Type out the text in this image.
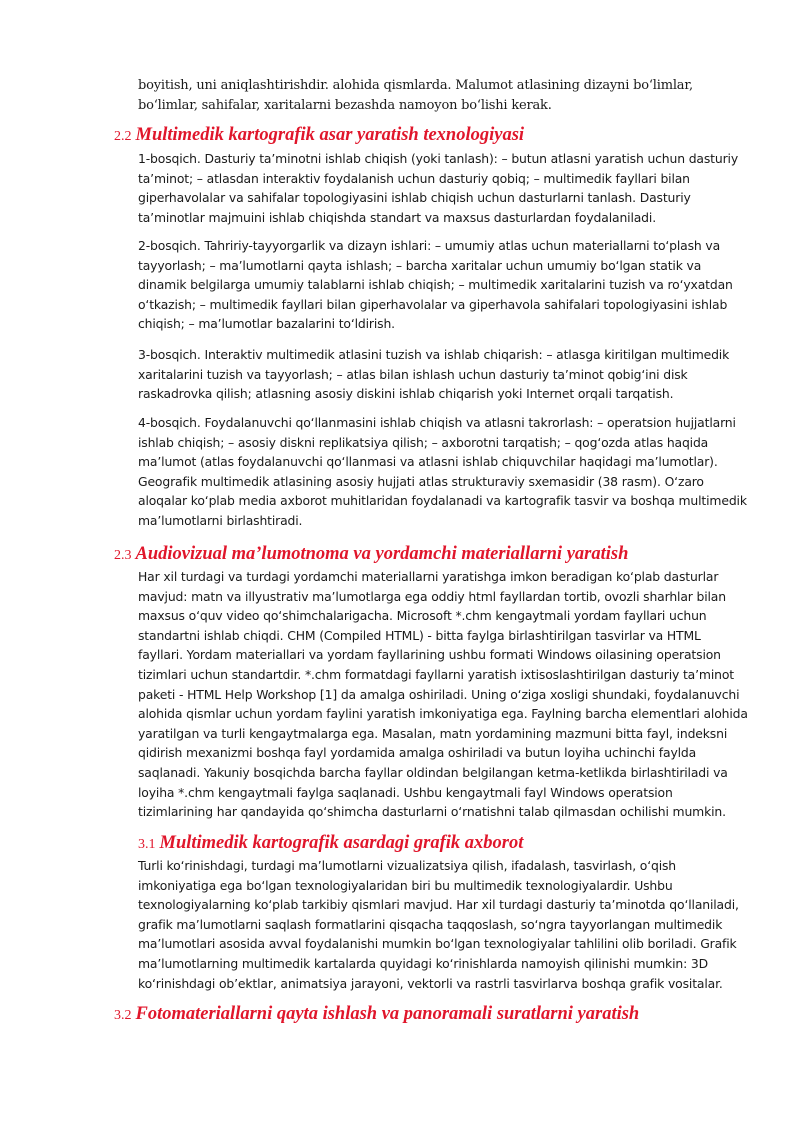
boyitish, uni aniqlashtirishdir. alohida qismlarda. Malumot atlasining dizayni bo‘limlar, bo‘limlar, sahifalar, xaritalarni bezashda namoyon bo‘lishi kerak.

2.2 Multimedik kartografik asar yaratish texnologiyasi

1-bosqich. Dasturiy ta’minotni ishlab chiqish (yoki tanlash): – butun atlasni yaratish uchun dasturiy ta’minot; – atlasdan interaktiv foydalanish uchun dasturiy qobiq; – multimedik fayllari bilan giperhavolalar va sahifalar topologiyasini ishlab chiqish uchun dasturlarni tanlash. Dasturiy ta’minotlar majmuini ishlab chiqishda standart va maxsus dasturlardan foydalaniladi.

2-bosqich. Tahririy-tayyorgarlik va dizayn ishlari: – umumiy atlas uchun materiallarni to‘plash va tayyorlash; – ma’lumotlarni qayta ishlash; – barcha xaritalar uchun umumiy bo‘lgan statik va dinamik belgilarga umumiy talablarni ishlab chiqish; – multimedik xaritalarini tuzish va ro‘yxatdan o‘tkazish; – multimedik fayllari bilan giperhavolalar va giperhavola sahifalari topologiyasini ishlab chiqish; – ma’lumotlar bazalarini to‘ldirish.

3-bosqich. Interaktiv multimedik atlasini tuzish va ishlab chiqarish: – atlasga kiritilgan multimedik xaritalarini tuzish va tayyorlash; – atlas bilan ishlash uchun dasturiy ta’minot qobig‘ini disk raskadrovka qilish; atlasning asosiy diskini ishlab chiqarish yoki Internet orqali tarqatish.

4-bosqich. Foydalanuvchi qo‘llanmasini ishlab chiqish va atlasni takrorlash: – operatsion hujjatlarni ishlab chiqish; – asosiy diskni replikatsiya qilish; – axborotni tarqatish; – qog‘ozda atlas haqida ma’lumot (atlas foydalanuvchi qo‘llanmasi va atlasni ishlab chiquvchilar haqidagi ma’lumotlar). Geografik multimedik atlasining asosiy hujjati atlas strukturaviy sxemasidir (38 rasm). O‘zaro aloqalar ko‘plab media axborot muhitlaridan foydalanadi va kartografik tasvir va boshqa multimedik ma’lumotlarni birlashtiradi.

2.3 Audiovizual ma’lumotnoma va yordamchi materiallarni yaratish

Har xil turdagi va turdagi yordamchi materiallarni yaratishga imkon beradigan ko‘plab dasturlar mavjud: matn va illyustrativ ma’lumotlarga ega oddiy html fayllardan tortib, ovozli sharhlar bilan maxsus o‘quv video qo‘shimchalarigacha. Microsoft *.chm kengaytmali yordam fayllari uchun standartni ishlab chiqdi. CHM (Compiled HTML) - bitta faylga birlashtirilgan tasvirlar va HTML fayllari. Yordam materiallari va yordam fayllarining ushbu formati Windows oilasining operatsion tizimlari uchun standartdir. *.chm formatdagi fayllarni yaratish ixtisoslashtirilgan dasturiy ta’minot paketi - HTML Help Workshop [1] da amalga oshiriladi. Uning o‘ziga xosligi shundaki, foydalanuvchi alohida qismlar uchun yordam faylini yaratish imkoniyatiga ega. Faylning barcha elementlari alohida yaratilgan va turli kengaytmalarga ega. Masalan, matn yordamining mazmuni bitta fayl, indeksni qidirish mexanizmi boshqa fayl yordamida amalga oshiriladi va butun loyiha uchinchi faylda saqlanadi. Yakuniy bosqichda barcha fayllar oldindan belgilangan ketma-ketlikda birlashtiriladi va loyiha *.chm kengaytmali faylga saqlanadi. Ushbu kengaytmali fayl Windows operatsion tizimlarining har qandayida qo‘shimcha dasturlarni o‘rnatishni talab qilmasdan ochilishi mumkin.

3.1 Multimedik kartografik asardagi grafik axborot

Turli ko‘rinishdagi, turdagi ma’lumotlarni vizualizatsiya qilish, ifadalash, tasvirlash, o‘qish imkoniyatiga ega bo‘lgan texnologiyalaridan biri bu multimedik texnologiyalardir. Ushbu texnologiyalarning ko‘plab tarkibiy qismlari mavjud. Har xil turdagi dasturiy ta’minotda qo‘llaniladi, grafik ma’lumotlarni saqlash formatlarini qisqacha taqqoslash, so‘ngra tayyorlangan multimedik ma’lumotlari asosida avval foydalanishi mumkin bo‘lgan texnologiyalar tahlilini olib boriladi. Grafik ma’lumotlarning multimedik kartalarda quyidagi ko‘rinishlarda namoyish qilinishi mumkin: 3D ko‘rinishdagi ob’ektlar, animatsiya jarayoni, vektorli va rastrli tasvirlarva boshqa grafik vositalar.

3.2 Fotomateriallarni qayta ishlash va panoramali suratlarni yaratish
